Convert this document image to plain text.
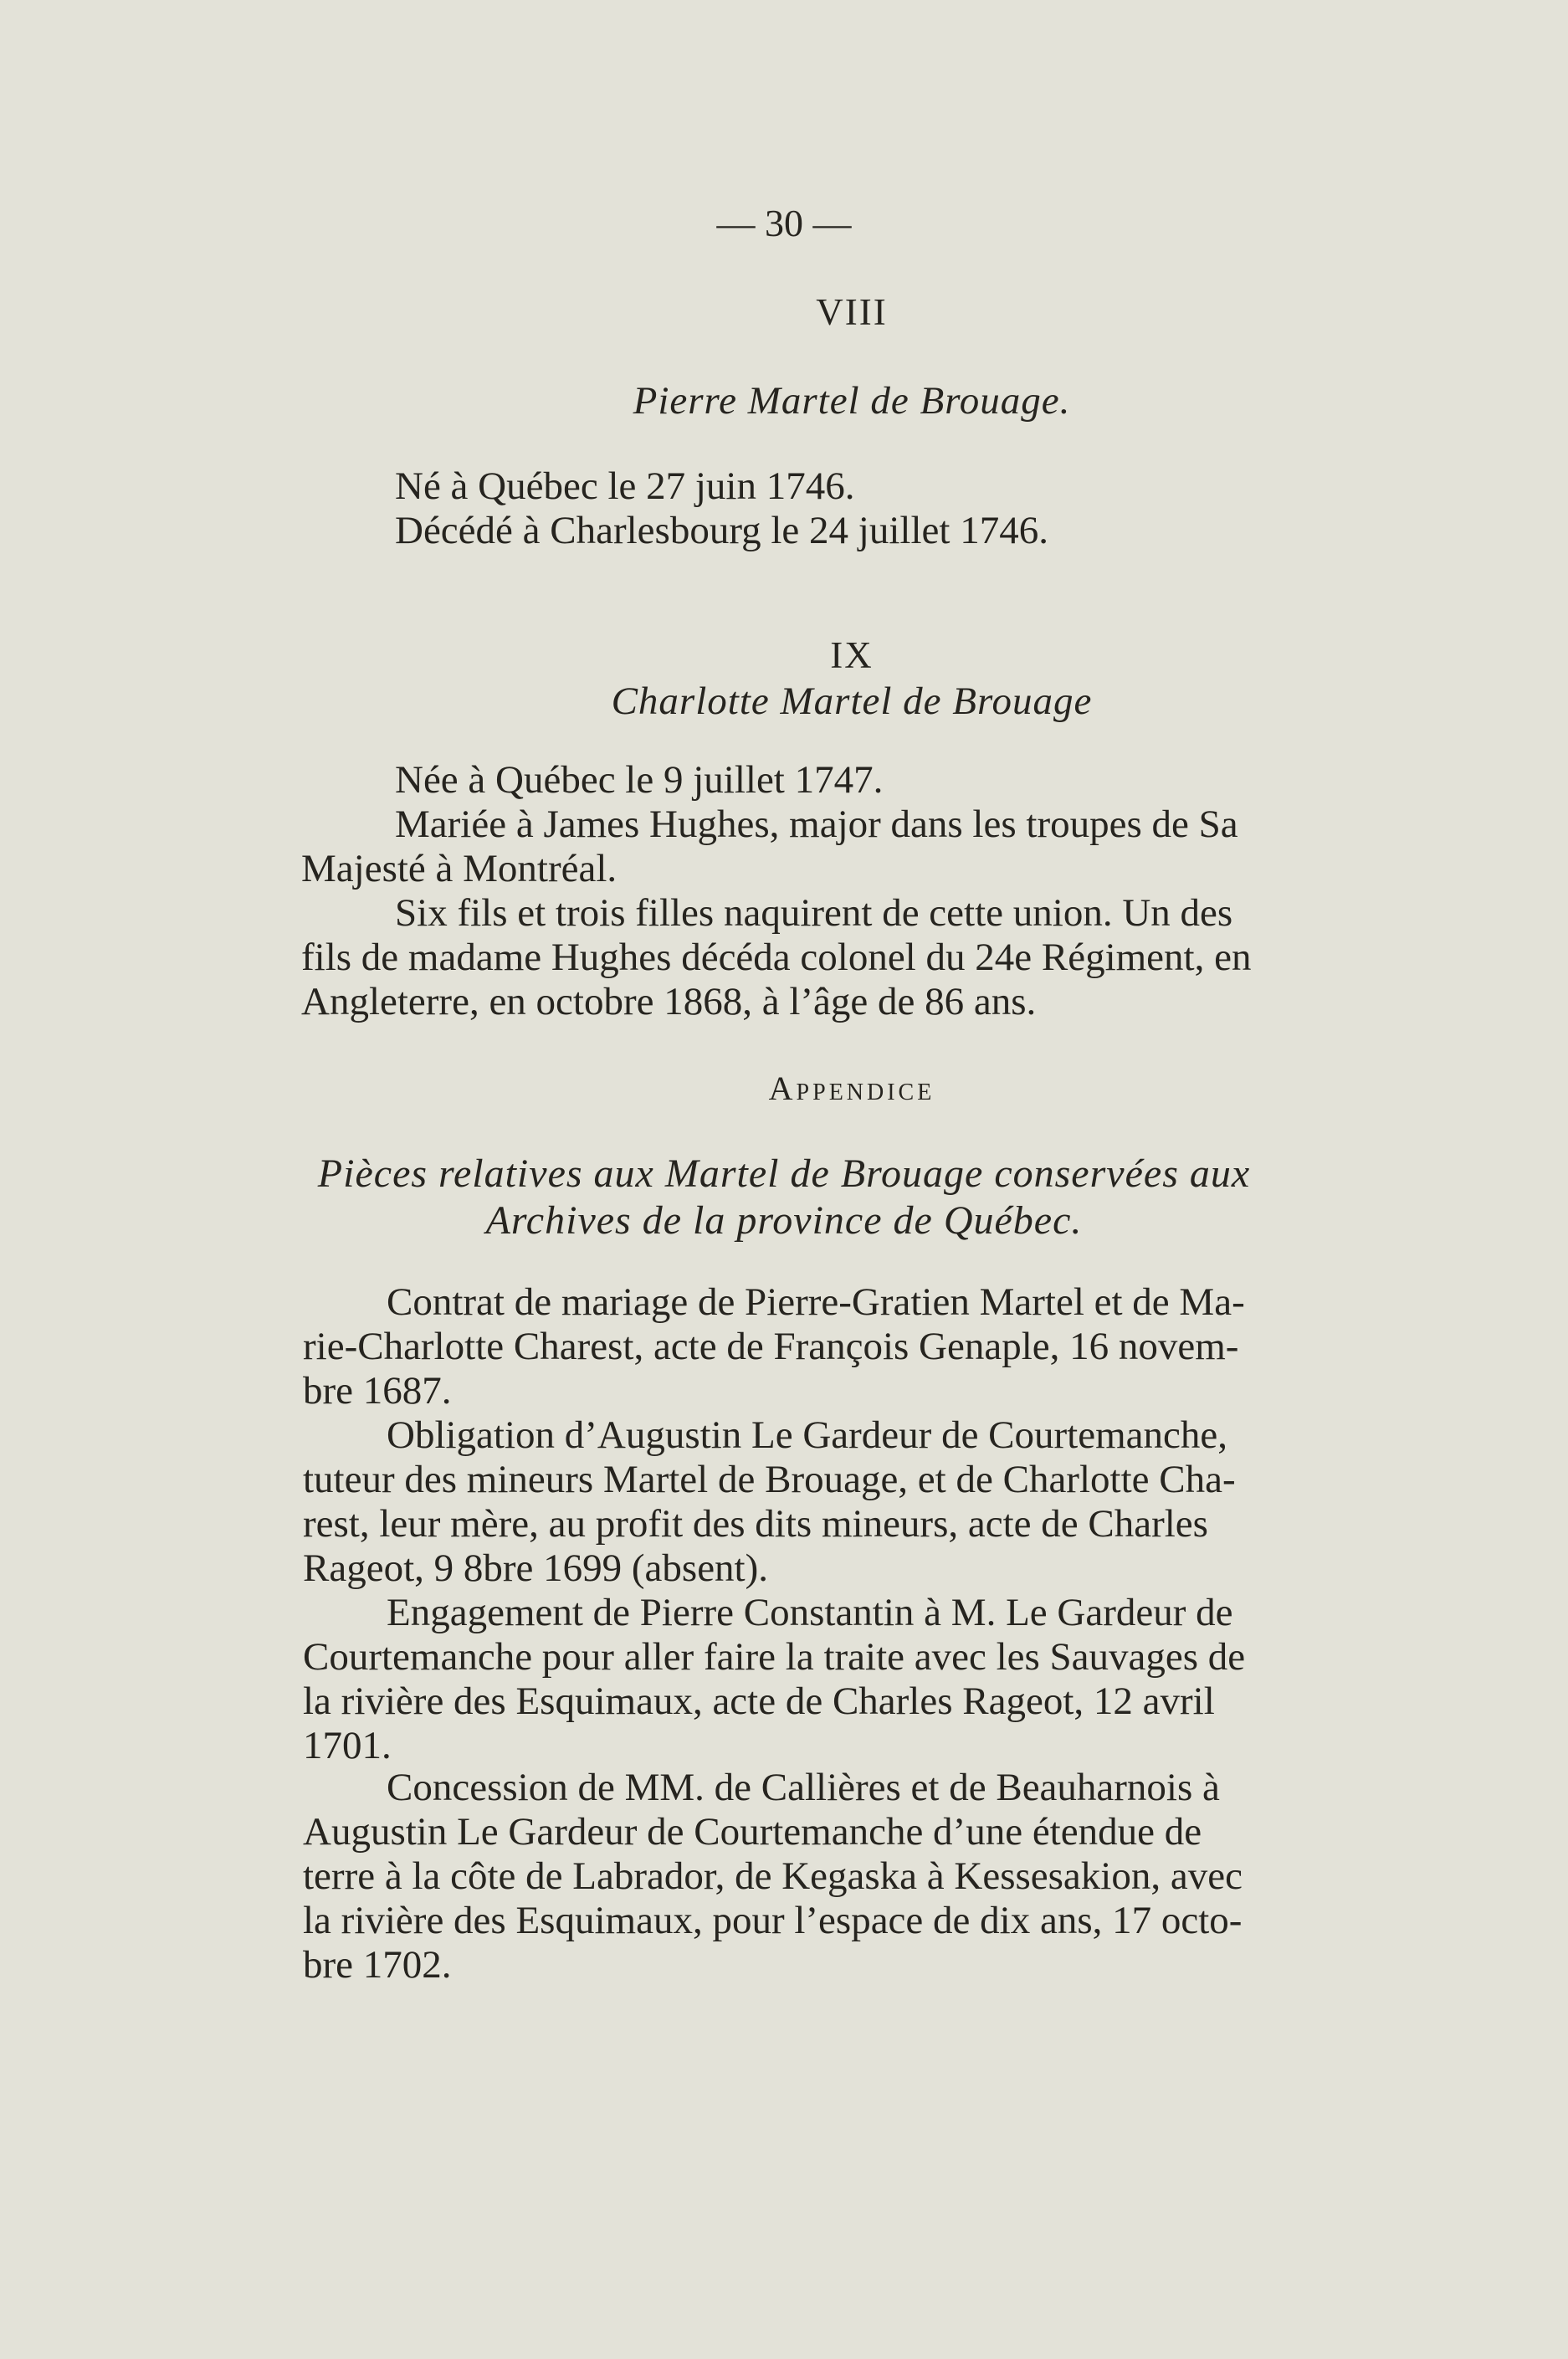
— 30 —
VIII
Pierre Martel de Brouage.
Né à Québec le 27 juin 1746.
Décédé à Charlesbourg le 24 juillet 1746.
IX
Charlotte Martel de Brouage
Née à Québec le 9 juillet 1747.
Mariée à James Hughes, major dans les troupes de Sa
Majesté à Montréal.
Six fils et trois filles naquirent de cette union. Un des
fils de madame Hughes décéda colonel du 24e Régiment, en
Angleterre, en octobre 1868, à l’âge de 86 ans.
Appendice
Pièces relatives aux Martel de Brouage conservées aux
Archives de la province de Québec.
Contrat de mariage de Pierre-Gratien Martel et de Ma-
rie-Charlotte Charest, acte de François Genaple, 16 novem-
bre 1687.
Obligation d’Augustin Le Gardeur de Courtemanche,
tuteur des mineurs Martel de Brouage, et de Charlotte Cha-
rest, leur mère, au profit des dits mineurs, acte de Charles
Rageot, 9 8bre 1699 (absent).
Engagement de Pierre Constantin à M. Le Gardeur de
Courtemanche pour aller faire la traite avec les Sauvages de
la rivière des Esquimaux, acte de Charles Rageot, 12 avril
1701.
Concession de MM. de Callières et de Beauharnois à
Augustin Le Gardeur de Courtemanche d’une étendue de
terre à la côte de Labrador, de Kegaska à Kessesakion, avec
la rivière des Esquimaux, pour l’espace de dix ans, 17 octo-
bre 1702.
